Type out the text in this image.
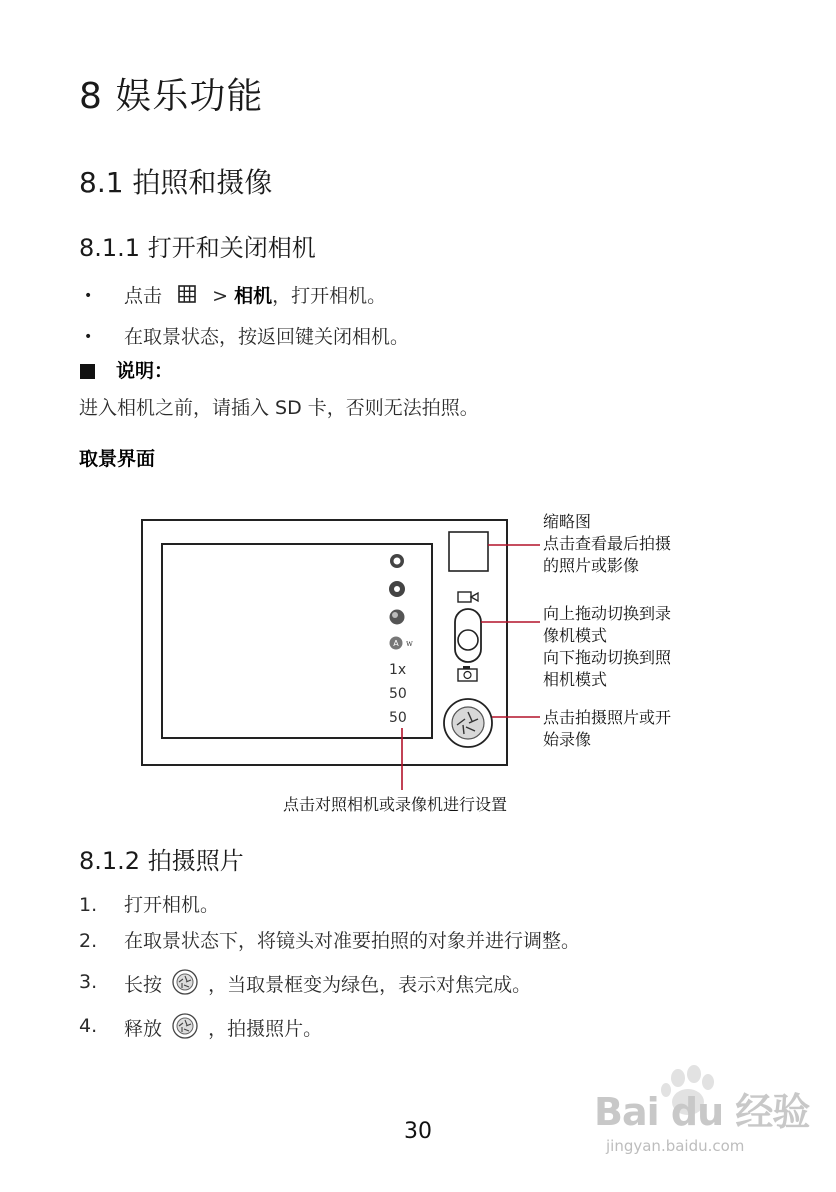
8 娱乐功能
8.1 拍照和摄像
8.1.1 打开和关闭相机
• 点击	> 相机，打开相机。
• 在取景状态，按返回键关闭相机。
说明：
进入相机之前，请插入 SD 卡，否则无法拍照。
取景界面
A w
1x
50
50
缩略图
点击查看最后拍摄
的照片或影像
向上拖动切换到录
像机模式
向下拖动切换到照
相机模式
点击拍摄照片或开
始录像
点击对照相机或录像机进行设置
8.1.2 拍摄照片
1. 打开相机。
2. 在取景状态下，将镜头对准要拍照的对象并进行调整。
3. 长按 ，当取景框变为绿色，表示对焦完成。
4. 释放 ，拍摄照片。
30	Bai du 经验
jingyan.baidu.com
